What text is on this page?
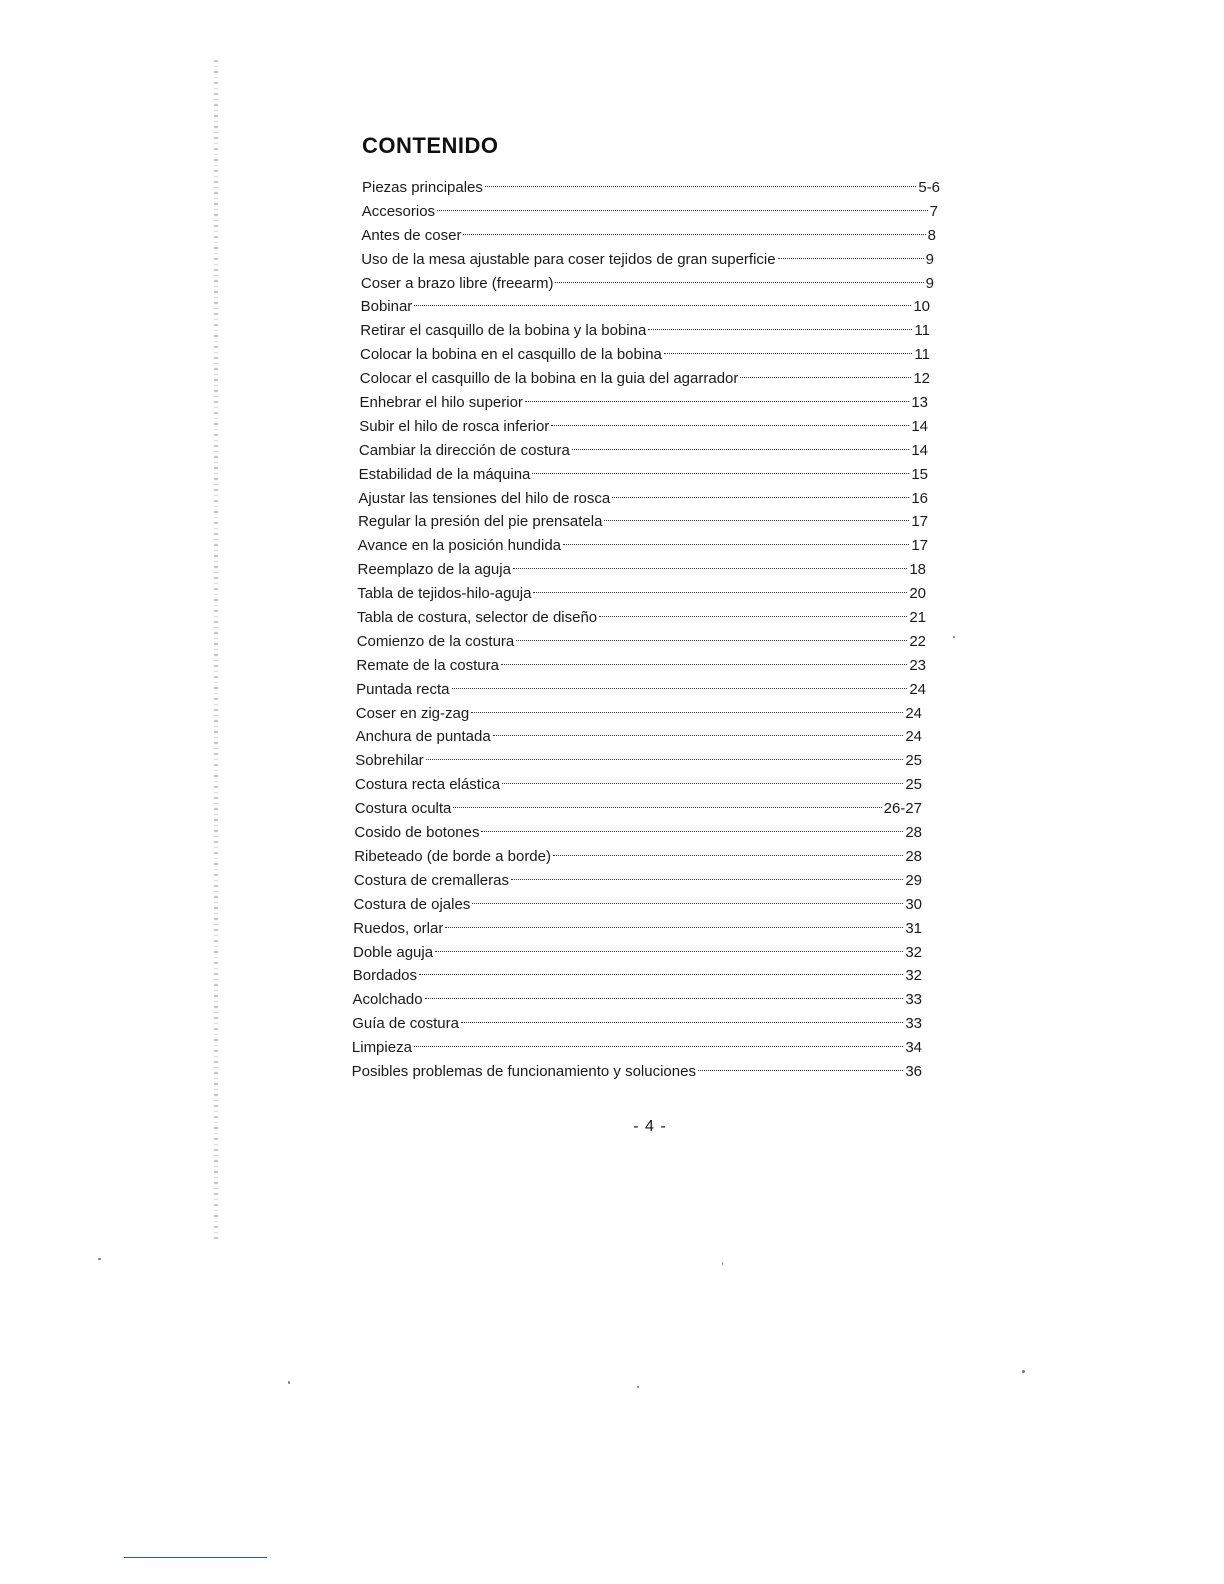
CONTENIDO
Piezas principales	5-6
Accesorios	7
Antes de coser	8
Uso de la mesa ajustable para coser tejidos de gran superficie	9
Coser a brazo libre (freearm)	9
Bobinar	10
Retirar el casquillo de la bobina y la bobina	11
Colocar la bobina en el casquillo de la bobina	11
Colocar el casquillo de la bobina en la guia del agarrador	12
Enhebrar el hilo superior	13
Subir el hilo de rosca inferior	14
Cambiar la dirección de costura	14
Estabilidad de la máquina	15
Ajustar las tensiones del hilo de rosca	16
Regular la presión del pie prensatela	17
Avance en la posición hundida	17
Reemplazo de la aguja	18
Tabla de tejidos-hilo-aguja	20
Tabla de costura, selector de diseño	21
Comienzo de la costura	22
Remate de la costura	23
Puntada recta	24
Coser en zig-zag	24
Anchura de puntada	24
Sobrehilar	25
Costura recta elástica	25
Costura oculta	26-27
Cosido de botones	28
Ribeteado (de borde a borde)	28
Costura de cremalleras	29
Costura de ojales	30
Ruedos, orlar	31
Doble aguja	32
Bordados	32
Acolchado	33
Guía de costura	33
Limpieza	34
Posibles problemas de funcionamiento y soluciones	36
- 4 -
